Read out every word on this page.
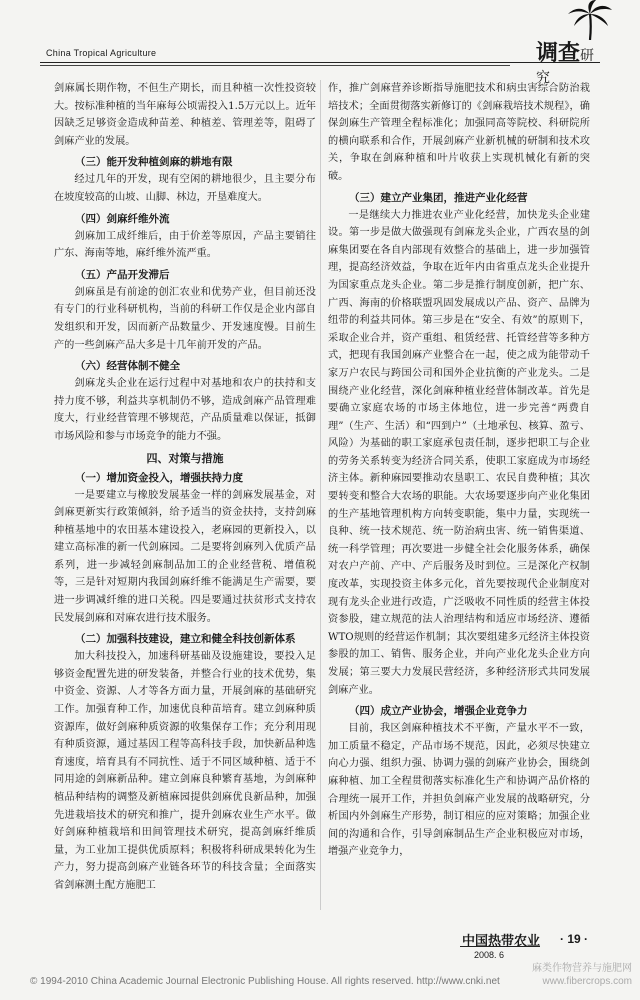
China Tropical Agriculture	调查研究

剑麻属长期作物，不但生产期长，而且种植一次性投资较大。按标准种植的当年麻每公顷需投入1.5万元以上。近年因缺乏足够资金造成种苗差、种植差、管理差等，阻碍了剑麻产业的发展。

（三）能开发种植剑麻的耕地有限

经过几年的开发，现有空闲的耕地很少，且主要分布在坡度较高的山坡、山脚、林边，开垦难度大。

（四）剑麻纤维外流

剑麻加工成纤维后，由于价差等原因，产品主要销往广东、海南等地，麻纤维外流严重。

（五）产品开发滞后

剑麻虽是有前途的创汇农业和优势产业，但目前还没有专门的行业科研机构，当前的科研工作仅是企业内部自发组织和开发，因而新产品数量少、开发速度慢。目前生产的一些剑麻产品大多是十几年前开发的产品。

（六）经营体制不健全

剑麻龙头企业在运行过程中对基地和农户的扶持和支持力度不够，利益共享机制仍不够，造成剑麻产品管理难度大，行业经营管理不够规范，产品质量难以保证，抵御市场风险和参与市场竞争的能力不强。

四、对策与措施
（一）增加资金投入，增强扶持力度

一是要建立与橡胶发展基金一样的剑麻发展基金，对剑麻更新实行政策倾斜，给予适当的资金扶持，支持剑麻种植基地中的农田基本建设投入，老麻园的更新投入，以建立高标准的新一代剑麻园。二是要将剑麻列入优质产品系列，进一步减轻剑麻制品加工的企业经营税、增值税等，三是针对短期内我国剑麻纤维不能满足生产需要，要进一步调减纤维的进口关税。四是要通过扶贫形式支持农民发展剑麻和对麻农进行技术服务。

（二）加强科技建设，建立和健全科技创新体系

加大科技投入，加速科研基础及设施建设，要投入足够资金配置先进的研发装备，并整合行业的技术优势，集中资金、资源、人才等各方面力量，开展剑麻的基础研究工作。加强育种工作，加速优良种苗培育。建立剑麻种质资源库，做好剑麻种质资源的收集保存工作；充分利用现有种质资源，通过基因工程等高科技手段，加快新品种选育速度，培育具有不同抗性、适于不同区域种植、适于不同用途的剑麻新品种。建立剑麻良种繁育基地，为剑麻种植品种结构的调整及新植麻园提供剑麻优良新品种，加强先进栽培技术的研究和推广，提升剑麻农业生产水平。做好剑麻种植栽培和田间管理技术研究，提高剑麻纤维质量，为工业加工提供优质原料；积极将科研成果转化为生产力，努力提高剑麻产业链各环节的科技含量；全面落实省剑麻测土配方施肥工

作，推广剑麻营养诊断指导施肥技术和病虫害综合防治栽培技术；全面贯彻落实新修订的《剑麻栽培技术规程》，确保剑麻生产管理全程标准化；加强同高等院校、科研院所的横向联系和合作，开展剑麻产业新机械的研制和技术攻关，争取在剑麻种植和叶片收获上实现机械化有新的突破。

（三）建立产业集团，推进产业化经营

一是继续大力推进农业产业化经营，加快龙头企业建设。第一步是做大做强现有剑麻龙头企业，广西农垦的剑麻集团要在各自内部现有效整合的基础上，进一步加强管理，提高经济效益，争取在近年内由省重点龙头企业提升为国家重点龙头企业。第二步是推行制度创新，把广东、广西、海南的价格联盟巩固发展成以产品、资产、品牌为纽带的利益共同体。第三步是在“安全、有效”的原则下，采取企业合并，资产重组、租赁经营、托管经营等多种方式，把现有我国剑麻产业整合在一起，使之成为能带动千家万户农民与跨国公司和国外企业抗衡的产业龙头。二是围绕产业化经营，深化剑麻种植业经营体制改革。首先是要确立家庭农场的市场主体地位，进一步完善“两费自理”（生产、生活）和“四到户”（土地承包、核算、盈亏、风险）为基础的职工家庭承包责任制，逐步把职工与企业的劳务关系转变为经济合同关系，使职工家庭成为市场经济主体。新种麻园要推动农垦职工、农民自费种植；其次要转变和整合大农场的职能。大农场要逐步向产业化集团的生产基地管理机构方向转变职能，集中力量，实现统一良种、统一技术规范、统一防治病虫害、统一销售渠道、统一科学管理；再次要进一步健全社会化服务体系，确保对农户产前、产中、产后服务及时到位。三是深化产权制度改革，实现投资主体多元化，首先要按现代企业制度对现有龙头企业进行改造，广泛吸收不同性质的经营主体投资参股，建立规范的法人治理结构和适应市场经济、遵循WTO规则的经营运作机制；其次要组建多元经济主体投资参股的加工、销售、服务企业，并向产业化龙头企业方向发展；第三要大力发展民营经济，多种经济形式共同发展剑麻产业。

（四）成立产业协会，增强企业竞争力

目前，我区剑麻种植技术不平衡，产量水平不一致，加工质量不稳定，产品市场不规范，因此，必须尽快建立向心力强、组织力强、协调力强的剑麻产业协会，围绕剑麻种植、加工全程贯彻落实标准化生产和协调产品价格的合理统一展开工作，并担负剑麻产业发展的战略研究，分析国内外剑麻生产形势，制订相应的应对策略；加强企业间的沟通和合作，引导剑麻制品生产企业积极应对市场，增强产业竞争力，

中国热带农业
2008. 6
· 19 ·
© 1994-2010 China Academic Journal Electronic Publishing House. All rights reserved. http://www.cnki.net
麻类作物营养与施肥网
www.fibercrops.com
